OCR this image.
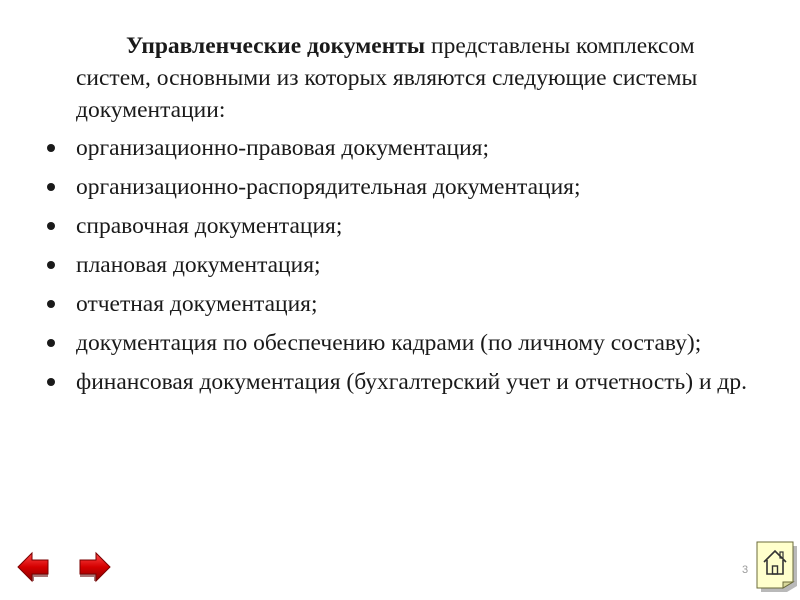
Управленческие документы представлены комплексом систем, основными из которых являются следующие системы документации:

организационно-правовая документация;
организационно-распорядительная документация;
справочная документация;
плановая документация;
отчетная документация;
документация по обеспечению кадрами (по личному составу);
финансовая документация (бухгалтерский учет и отчетность) и др.
3
